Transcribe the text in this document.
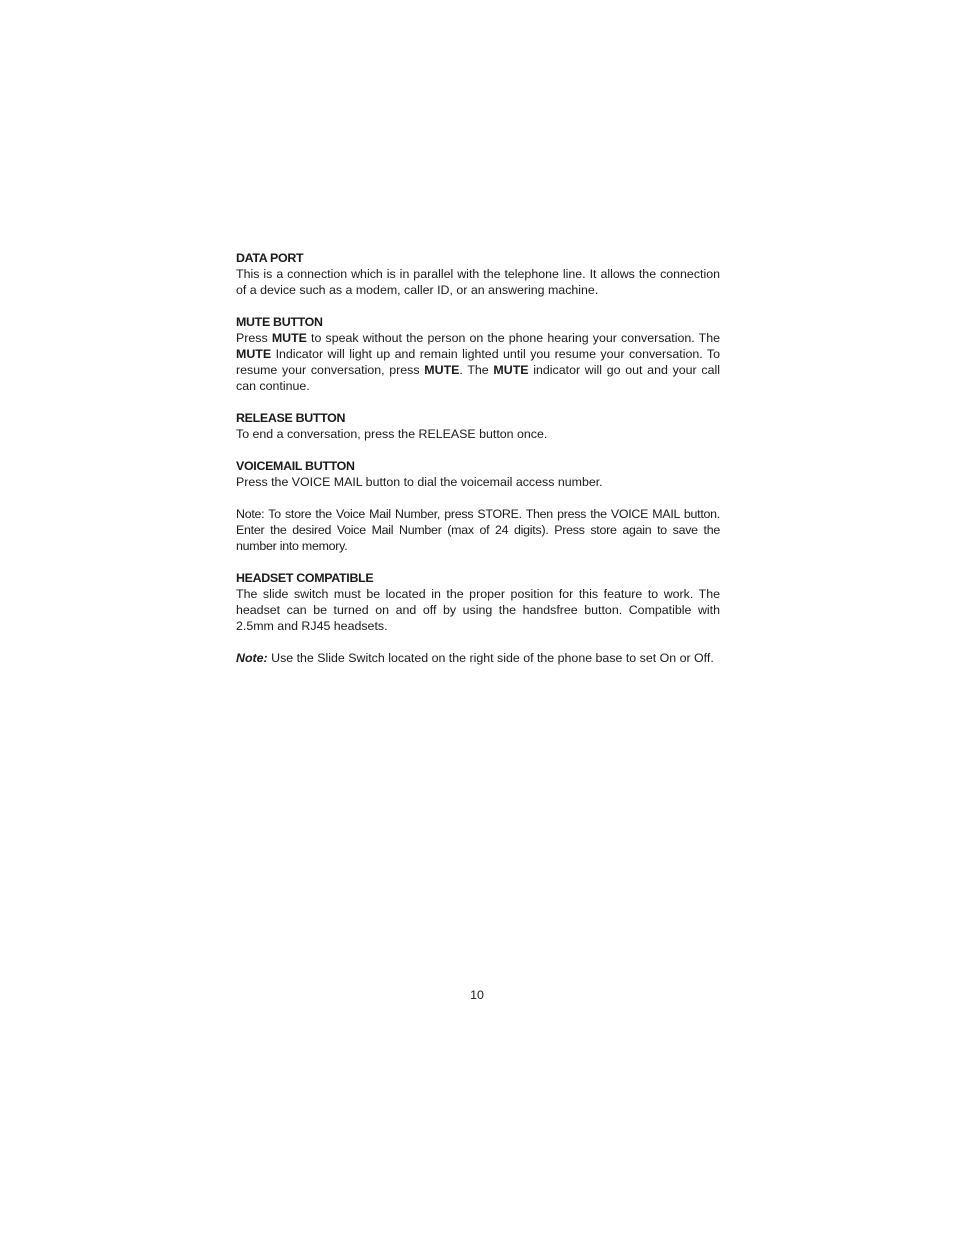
DATA PORT

This is a connection which is in parallel with the telephone line. It allows the connection of a device such as a modem, caller ID, or an answering machine.

MUTE BUTTON

Press MUTE to speak without the person on the phone hearing your conversation. The MUTE Indicator will light up and remain lighted until you resume your conversation. To resume your conversation, press MUTE. The MUTE indicator will go out and your call can continue.

RELEASE BUTTON

To end a conversation, press the RELEASE button once.

VOICEMAIL BUTTON

Press the VOICE MAIL button to dial the voicemail access number.

Note: To store the Voice Mail Number, press STORE. Then press the VOICE MAIL button. Enter the desired Voice Mail Number (max of 24 digits). Press store again to save the number into memory.

HEADSET COMPATIBLE

The slide switch must be located in the proper position for this feature to work. The headset can be turned on and off by using the handsfree button. Compatible with 2.5mm and RJ45 headsets.

Note: Use the Slide Switch located on the right side of the phone base to set On or Off.

10
